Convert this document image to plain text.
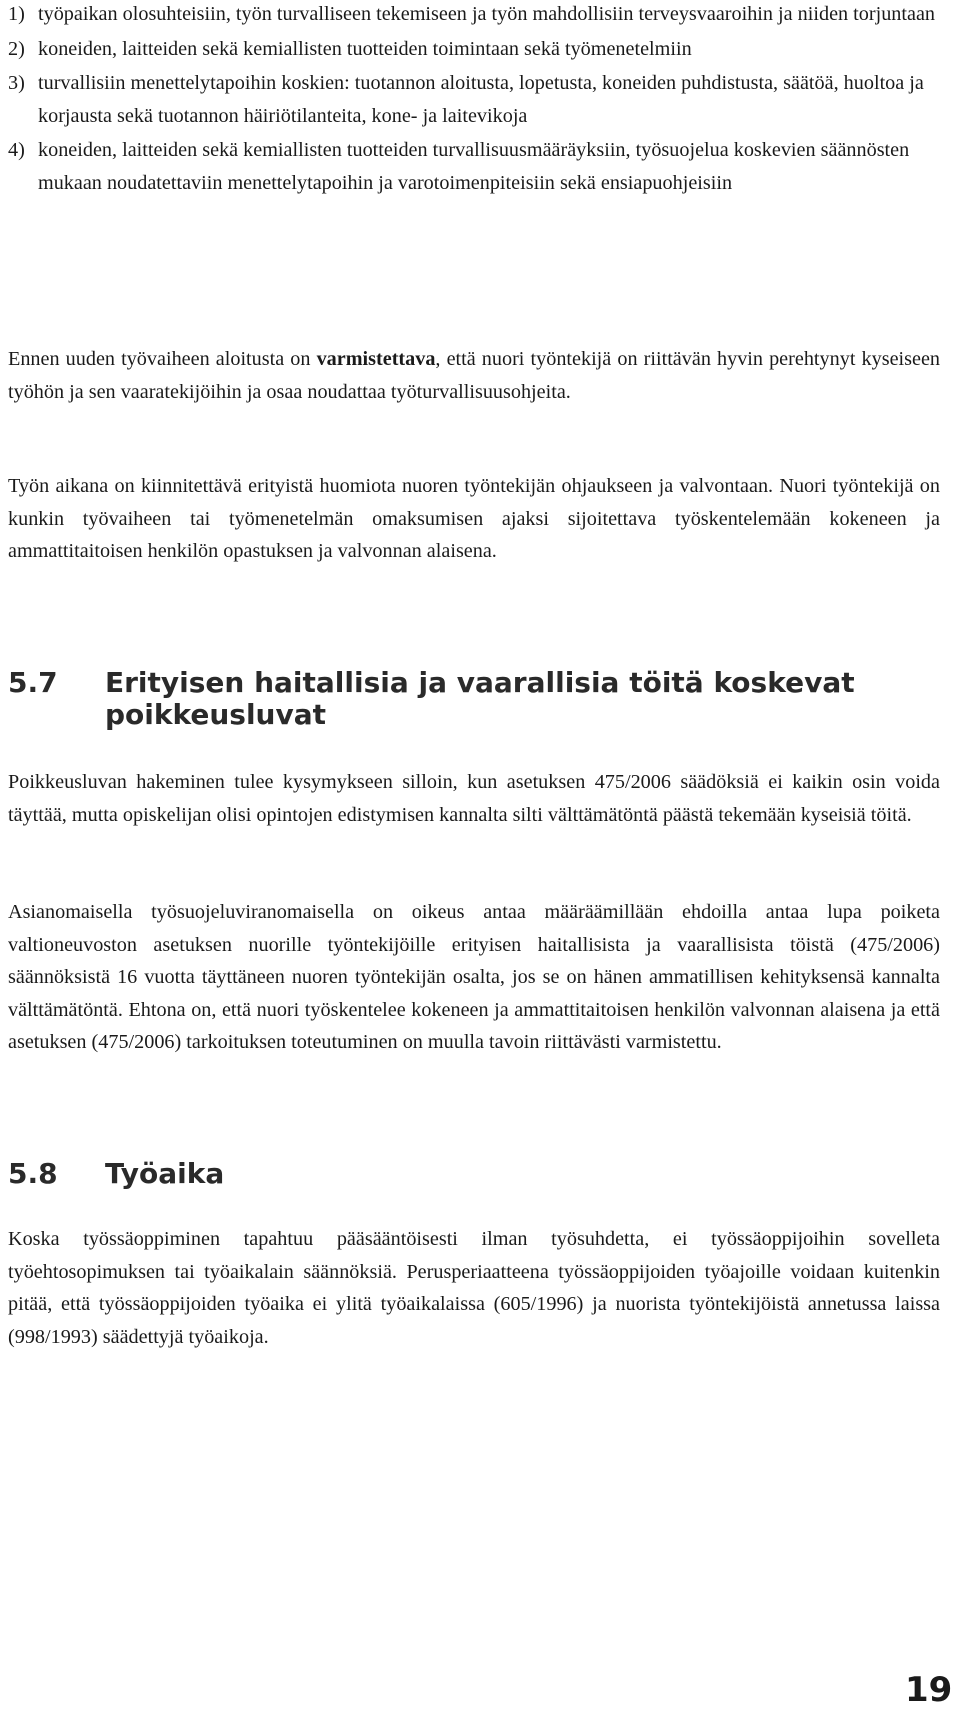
1) työpaikan olosuhteisiin, työn turvalliseen tekemiseen ja työn mahdollisiin terveysvaaroihin ja niiden torjuntaan
2) koneiden, laitteiden sekä kemiallisten tuotteiden toimintaan sekä työmenetelmiin
3) turvallisiin menettelytapoihin koskien: tuotannon aloitusta, lopetusta, koneiden puhdistusta, säätöä, huoltoa ja korjausta sekä tuotannon häiriötilanteita, kone- ja laitevikoja
4) koneiden, laitteiden sekä kemiallisten tuotteiden turvallisuusmääräyksiin, työsuojelua koskevien säännösten mukaan noudatettaviin menettelytapoihin ja varotoimenpiteisiin sekä ensiapuohjeisiin

Ennen uuden työvaiheen aloitusta on varmistettava, että nuori työntekijä on riittävän hyvin perehtynyt kyseiseen työhön ja sen vaaratekijöihin ja osaa noudattaa työturvallisuusohjeita.

Työn aikana on kiinnitettävä erityistä huomiota nuoren työntekijän ohjaukseen ja valvontaan. Nuori työntekijä on kunkin työvaiheen tai työmenetelmän omaksumisen ajaksi sijoitettava työskentelemään kokeneen ja ammattitaitoisen henkilön opastuksen ja valvonnan alaisena.

5.7 Erityisen haitallisia ja vaarallisia töitä koskevat poikkeusluvat

Poikkeusluvan hakeminen tulee kysymykseen silloin, kun asetuksen 475/2006 säädöksiä ei kaikin osin voida täyttää, mutta opiskelijan olisi opintojen edistymisen kannalta silti välttämätöntä päästä tekemään kyseisiä töitä.

Asianomaisella työsuojeluviranomaisella on oikeus antaa määräämillään ehdoilla antaa lupa poiketa valtioneuvoston asetuksen nuorille työntekijöille erityisen haitallisista ja vaarallisista töistä (475/2006) säännöksistä 16 vuotta täyttäneen nuoren työntekijän osalta, jos se on hänen ammatillisen kehityksensä kannalta välttämätöntä. Ehtona on, että nuori työskentelee kokeneen ja ammattitaitoisen henkilön valvonnan alaisena ja että asetuksen (475/2006) tarkoituksen toteutuminen on muulla tavoin riittävästi varmistettu.

5.8 Työaika

Koska työssäoppiminen tapahtuu pääsääntöisesti ilman työsuhdetta, ei työssäoppijoihin sovelleta työehtosopimuksen tai työaikalain säännöksiä. Perusperiaatteena työssäoppijoiden työajoille voidaan kuitenkin pitää, että työssäoppijoiden työaika ei ylitä työaikalaissa (605/1996) ja nuorista työntekijöistä annetussa laissa (998/1993) säädettyjä työaikoja.

19
